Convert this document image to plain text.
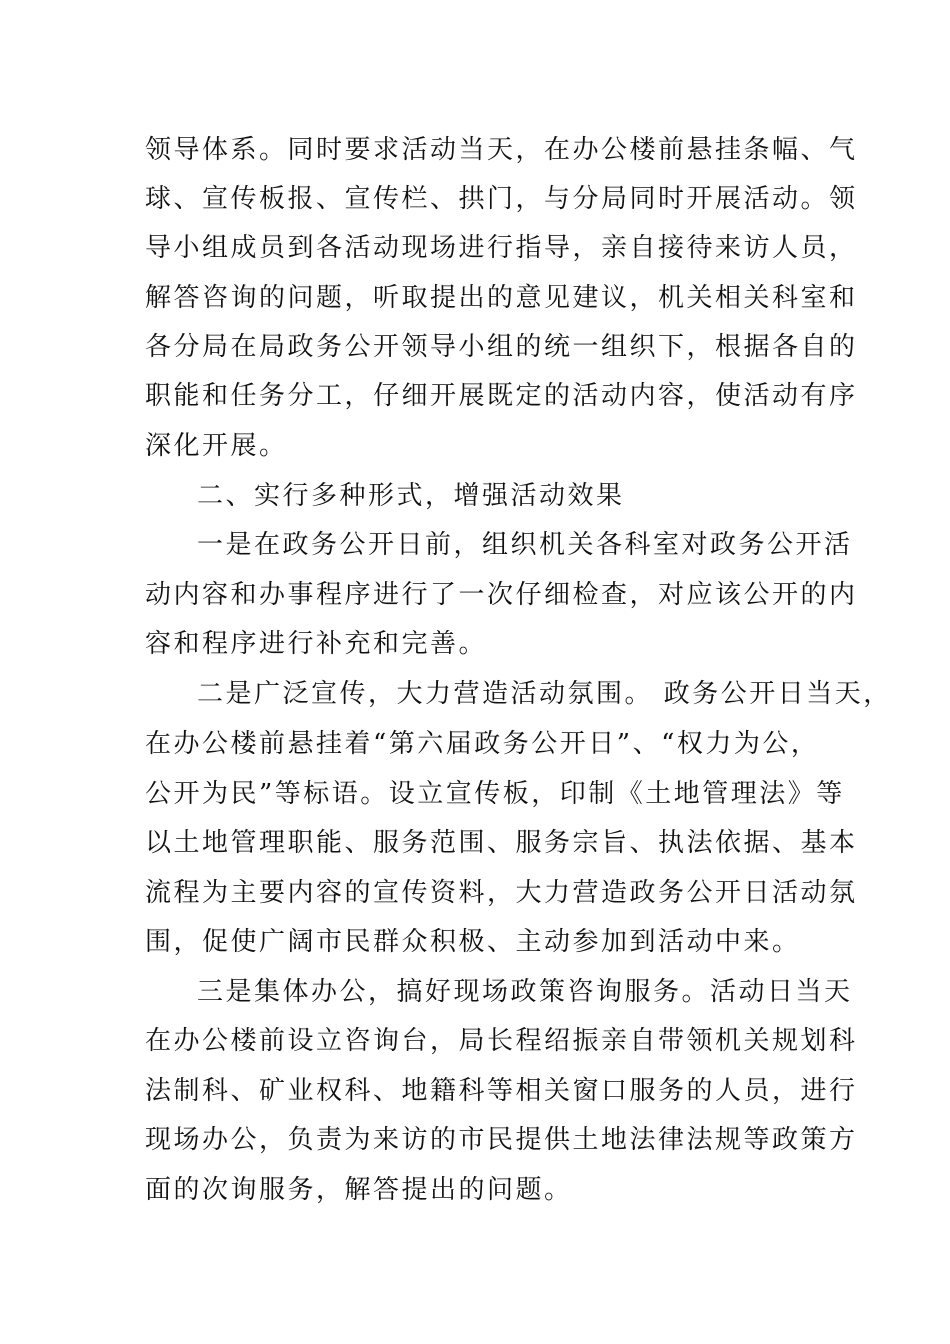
领导体系。同时要求活动当天，在办公楼前悬挂条幅、气
球、宣传板报、宣传栏、拱门，与分局同时开展活动。领
导小组成员到各活动现场进行指导，亲自接待来访人员，
解答咨询的问题，听取提出的意见建议，机关相关科室和
各分局在局政务公开领导小组的统一组织下，根据各自的
职能和任务分工，仔细开展既定的活动内容，使活动有序
深化开展。
二、实行多种形式，增强活动效果
一是在政务公开日前，组织机关各科室对政务公开活
动内容和办事程序进行了一次仔细检查，对应该公开的内
容和程序进行补充和完善。
二是广泛宣传，大力营造活动氛围。 政务公开日当天，
在办公楼前悬挂着“第六届政务公开日”、“权力为公，
公开为民”等标语。设立宣传板，印制《土地管理法》等
以土地管理职能、服务范围、服务宗旨、执法依据、基本
流程为主要内容的宣传资料，大力营造政务公开日活动氛
围，促使广阔市民群众积极、主动参加到活动中来。
三是集体办公，搞好现场政策咨询服务。活动日当天
在办公楼前设立咨询台，局长程绍振亲自带领机关规划科
法制科、矿业权科、地籍科等相关窗口服务的人员，进行
现场办公，负责为来访的市民提供土地法律法规等政策方
面的次询服务，解答提出的问题。
